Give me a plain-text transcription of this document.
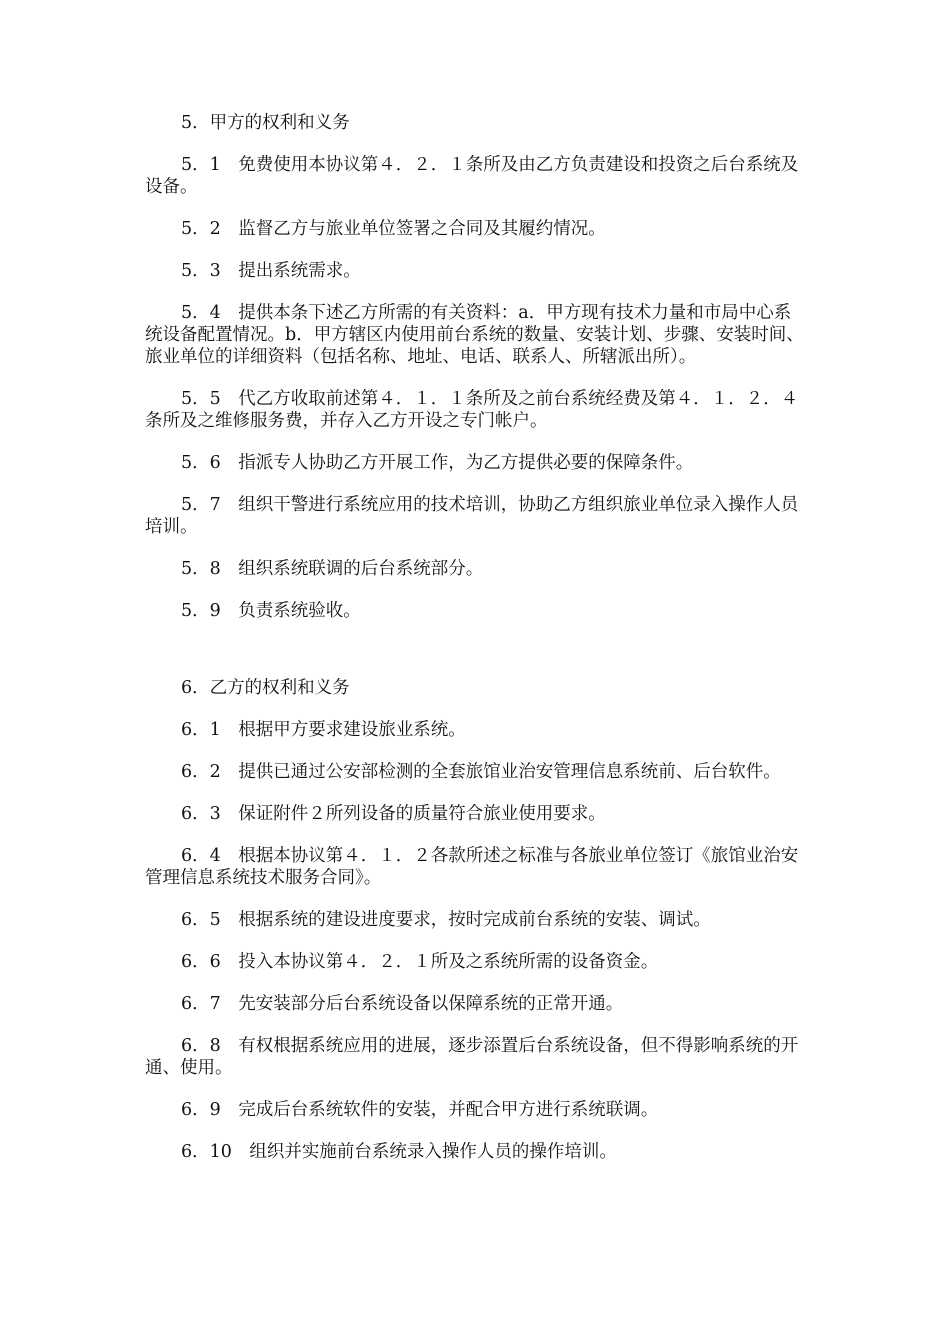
5．甲方的权利和义务

5．1　免费使用本协议第４．２．１条所及由乙方负责建设和投资之后台系统及设备。

5．2　监督乙方与旅业单位签署之合同及其履约情况。

5．3　提出系统需求。

5．4　提供本条下述乙方所需的有关资料：a．甲方现有技术力量和市局中心系统设备配置情况。b．甲方辖区内使用前台系统的数量、安装计划、步骤、安装时间、旅业单位的详细资料（包括名称、地址、电话、联系人、所辖派出所）。

5．5　代乙方收取前述第４．１．１条所及之前台系统经费及第４．１．２．４条所及之维修服务费，并存入乙方开设之专门帐户。

5．6　指派专人协助乙方开展工作，为乙方提供必要的保障条件。

5．7　组织干警进行系统应用的技术培训，协助乙方组织旅业单位录入操作人员培训。

5．8　组织系统联调的后台系统部分。

5．9　负责系统验收。

6．乙方的权利和义务

6．1　根据甲方要求建设旅业系统。

6．2　提供已通过公安部检测的全套旅馆业治安管理信息系统前、后台软件。

6．3　保证附件２所列设备的质量符合旅业使用要求。

6．4　根据本协议第４．１．２各款所述之标准与各旅业单位签订《旅馆业治安管理信息系统技术服务合同》。

6．5　根据系统的建设进度要求，按时完成前台系统的安装、调试。

6．6　投入本协议第４．２．１所及之系统所需的设备资金。

6．7　先安装部分后台系统设备以保障系统的正常开通。

6．8　有权根据系统应用的进展，逐步添置后台系统设备，但不得影响系统的开通、使用。

6．9　完成后台系统软件的安装，并配合甲方进行系统联调。

6．10　组织并实施前台系统录入操作人员的操作培训。
